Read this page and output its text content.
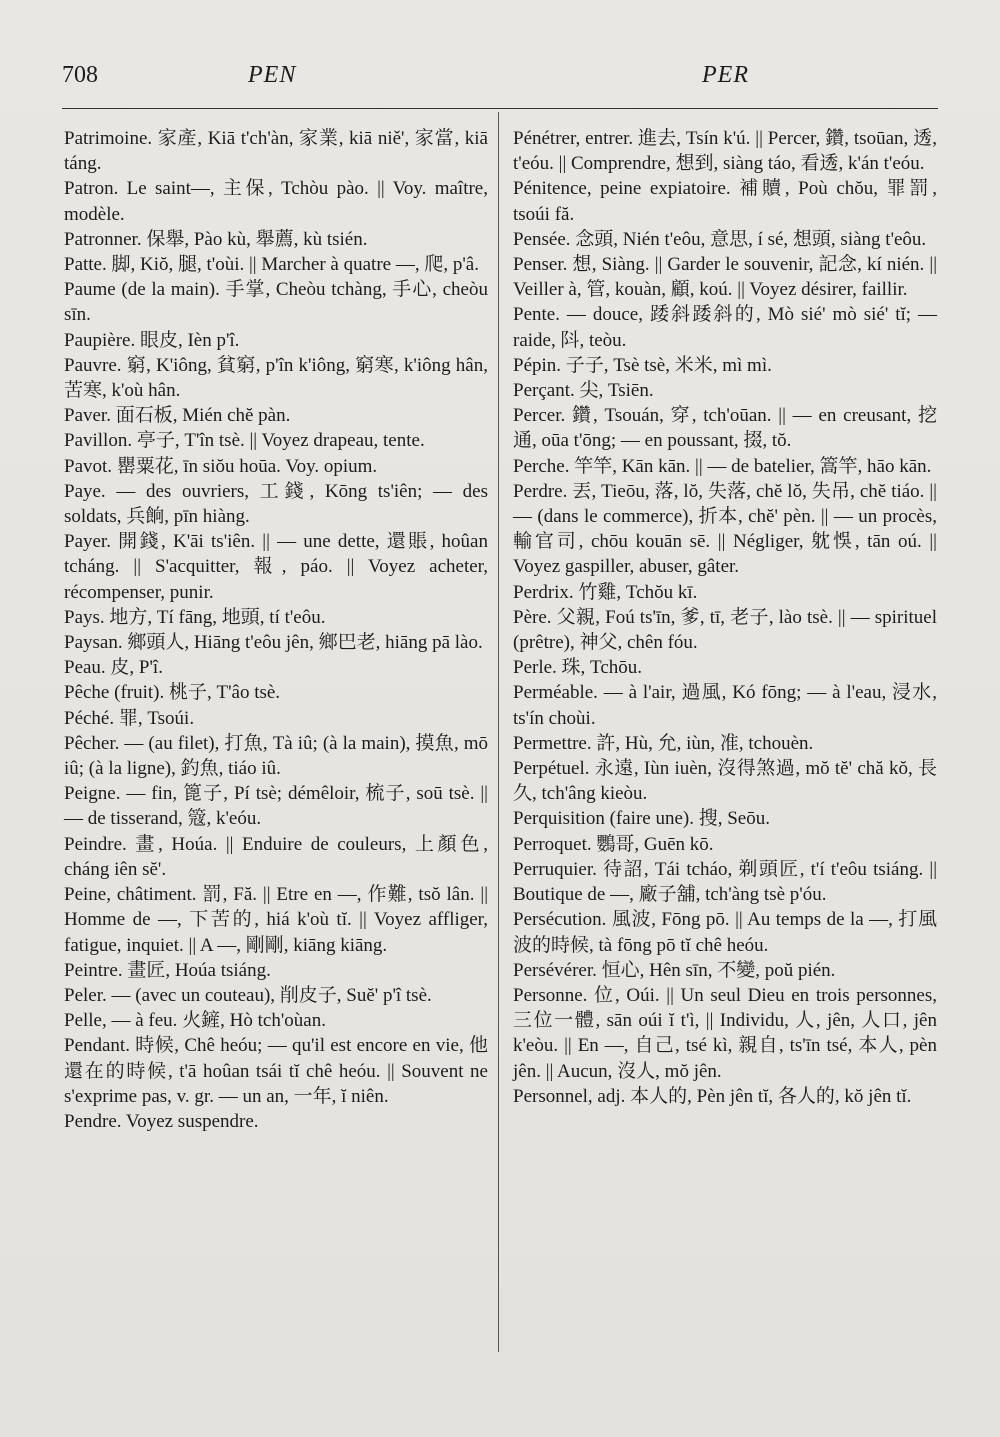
708	PEN	PER

Patrimoine. 家產, Kiā t'ch'àn, 家業, kiā niě', 家當, kiā táng.

Patron. Le saint—, 主保, Tchòu pào. || Voy. maître, modèle.

Patronner. 保舉, Pào kù, 舉薦, kù tsién.

Patte. 脚, Kiŏ, 腿, t'oùi. || Marcher à quatre —, 爬, p'â.

Paume (de la main). 手掌, Cheòu tchàng, 手心, cheòu sīn.

Paupière. 眼皮, Ièn p'î.

Pauvre. 窮, K'iông, 貧窮, p'în k'iông, 窮寒, k'iông hân, 苦寒, k'où hân.

Paver. 面石板, Mién chĕ pàn.

Pavillon. 亭子, T'în tsè. || Voyez drapeau, tente.

Pavot. 罌粟花, īn siŏu hoūa. Voy. opium.

Paye. — des ouvriers, 工錢, Kōng ts'iên; — des soldats, 兵餉, pīn hiàng.

Payer. 開錢, K'āi ts'iên. || — une dette, 還賬, hoûan tcháng. || S'acquitter, 報, páo. || Voyez acheter, récompenser, punir.

Pays. 地方, Tí fāng, 地頭, tí t'eôu.

Paysan. 鄉頭人, Hiāng t'eôu jên, 鄉巴老, hiāng pā lào.

Peau. 皮, P'î.

Pêche (fruit). 桃子, T'âo tsè.

Péché. 罪, Tsoúi.

Pêcher. — (au filet), 打魚, Tà iû; (à la main), 摸魚, mō iû; (à la ligne), 釣魚, tiáo iû.

Peigne. — fin, 篦子, Pí tsè; démêloir, 梳子, soū tsè. || — de tisserand, 簆, k'eóu.

Peindre. 畫, Hoúa. || Enduire de couleurs, 上顏色, cháng iên sĕ'.

Peine, châtiment. 罰, Fă. || Etre en —, 作難, tsŏ lân. || Homme de —, 下苦的, hiá k'où tĭ. || Voyez affliger, fatigue, inquiet. || A —, 剛剛, kiāng kiāng.

Peintre. 畫匠, Hoúa tsiáng.

Peler. — (avec un couteau), 削皮子, Suĕ' p'î tsè.

Pelle, — à feu. 火鏟, Hò tch'oùan.

Pendant. 時候, Chê heóu; — qu'il est encore en vie, 他還在的時候, t'ā hoûan tsái tĭ chê heóu. || Souvent ne s'exprime pas, v. gr. — un an, 一年, ĭ niên.

Pendre. Voyez suspendre.

Pénétrer, entrer. 進去, Tsín k'ú. || Percer, 鑽, tsoūan, 透, t'eóu. || Comprendre, 想到, siàng táo, 看透, k'án t'eóu.

Pénitence, peine expiatoire. 補贖, Poù chŏu, 罪罰, tsoúi fă.

Pensée. 念頭, Nién t'eôu, 意思, í sé, 想頭, siàng t'eôu.

Penser. 想, Siàng. || Garder le souvenir, 記念, kí nién. || Veiller à, 管, kouàn, 顧, koú. || Voyez désirer, faillir.

Pente. — douce, 踒斜踒斜的, Mò sié' mò sié' tĭ; — raide, 阧, teòu.

Pépin. 子子, Tsè tsè, 米米, mì mì.

Perçant. 尖, Tsiēn.

Percer. 鑽, Tsouán, 穿, tch'oūan. || — en creusant, 挖通, oūa t'ōng; — en poussant, 掇, tŏ.

Perche. 竿竿, Kān kān. || — de batelier, 篙竿, hāo kān.

Perdre. 丟, Tieōu, 落, lŏ, 失落, chĕ lŏ, 失吊, chĕ tiáo. || — (dans le commerce), 折本, chĕ' pèn. || — un procès, 輸官司, chōu kouān sē. || Négliger, 躭悞, tān oú. || Voyez gaspiller, abuser, gâter.

Perdrix. 竹雞, Tchŏu kī.

Père. 父親, Foú ts'īn, 爹, tī, 老子, lào tsè. || — spirituel (prêtre), 神父, chên fóu.

Perle. 珠, Tchōu.

Perméable. — à l'air, 過風, Kó fōng; — à l'eau, 浸水, ts'ín choùi.

Permettre. 許, Hù, 允, iùn, 准, tchouèn.

Perpétuel. 永遠, Iùn iuèn, 沒得煞過, mŏ tĕ' chă kŏ, 長久, tch'âng kieòu.

Perquisition (faire une). 搜, Seōu.

Perroquet. 鸚哥, Guēn kō.

Perruquier. 待詔, Tái tcháo, 剃頭匠, t'í t'eôu tsiáng. || Boutique de —, 廠子舖, tch'àng tsè p'óu.

Persécution. 風波, Fōng pō. || Au temps de la —, 打風波的時候, tà fōng pō tĭ chê heóu.

Persévérer. 恒心, Hên sīn, 不變, poŭ pién.

Personne. 位, Oúi. || Un seul Dieu en trois personnes, 三位一體, sān oúi ĭ t'ì, || Individu, 人, jên, 人口, jên k'eòu. || En —, 自己, tsé kì, 親自, ts'īn tsé, 本人, pèn jên. || Aucun, 沒人, mŏ jên.

Personnel, adj. 本人的, Pèn jên tĭ, 各人的, kŏ jên tĭ.
